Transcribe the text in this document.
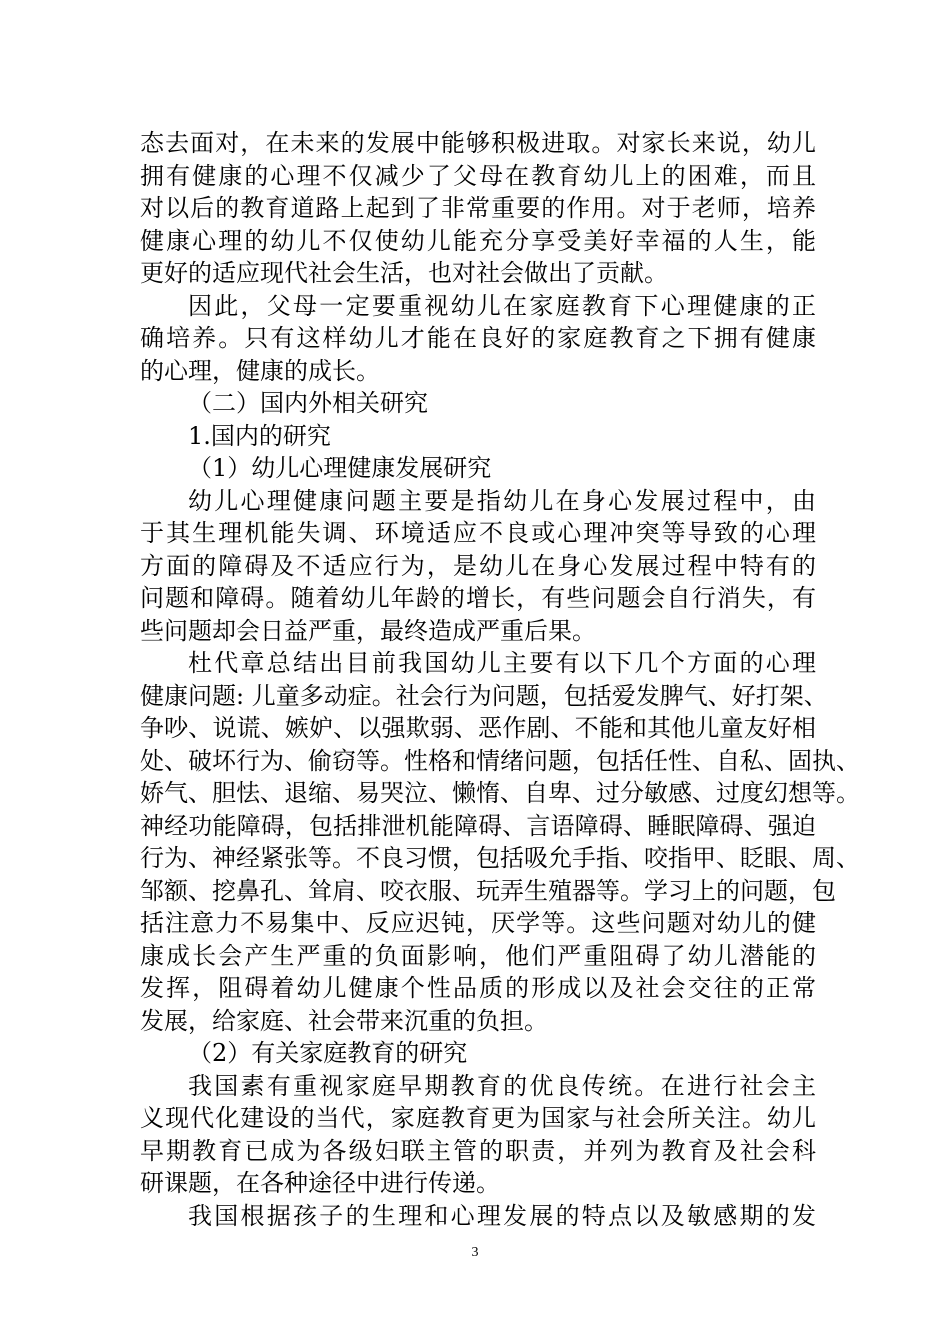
态去面对，在未来的发展中能够积极进取。对家长来说，幼儿
拥有健康的心理不仅减少了父母在教育幼儿上的困难，而且
对以后的教育道路上起到了非常重要的作用。对于老师，培养
健康心理的幼儿不仅使幼儿能充分享受美好幸福的人生，能
更好的适应现代社会生活，也对社会做出了贡献。
因此，父母一定要重视幼儿在家庭教育下心理健康的正
确培养。只有这样幼儿才能在良好的家庭教育之下拥有健康
的心理，健康的成长。
（二）国内外相关研究
1.国内的研究
（1）幼儿心理健康发展研究
幼儿心理健康问题主要是指幼儿在身心发展过程中，由
于其生理机能失调、环境适应不良或心理冲突等导致的心理
方面的障碍及不适应行为，是幼儿在身心发展过程中特有的
问题和障碍。随着幼儿年龄的增长，有些问题会自行消失，有
些问题却会日益严重，最终造成严重后果。
杜代章总结出目前我国幼儿主要有以下几个方面的心理
健康问题: 儿童多动症。社会行为问题，包括爱发脾气、好打架、
争吵、说谎、嫉妒、以强欺弱、恶作剧、不能和其他儿童友好相
处、破坏行为、偷窃等。性格和情绪问题，包括任性、自私、固执、
娇气、胆怯、退缩、易哭泣、懒惰、自卑、过分敏感、过度幻想等。
神经功能障碍，包括排泄机能障碍、言语障碍、睡眠障碍、强迫
行为、神经紧张等。不良习惯，包括吸允手指、咬指甲、眨眼、周、
邹额、挖鼻孔、耸肩、咬衣服、玩弄生殖器等。学习上的问题，包
括注意力不易集中、反应迟钝，厌学等。这些问题对幼儿的健
康成长会产生严重的负面影响，他们严重阻碍了幼儿潜能的
发挥，阻碍着幼儿健康个性品质的形成以及社会交往的正常
发展，给家庭、社会带来沉重的负担。
（2）有关家庭教育的研究
我国素有重视家庭早期教育的优良传统。在进行社会主
义现代化建设的当代，家庭教育更为国家与社会所关注。幼儿
早期教育已成为各级妇联主管的职责，并列为教育及社会科
研课题，在各种途径中进行传递。
我国根据孩子的生理和心理发展的特点以及敏感期的发
3
